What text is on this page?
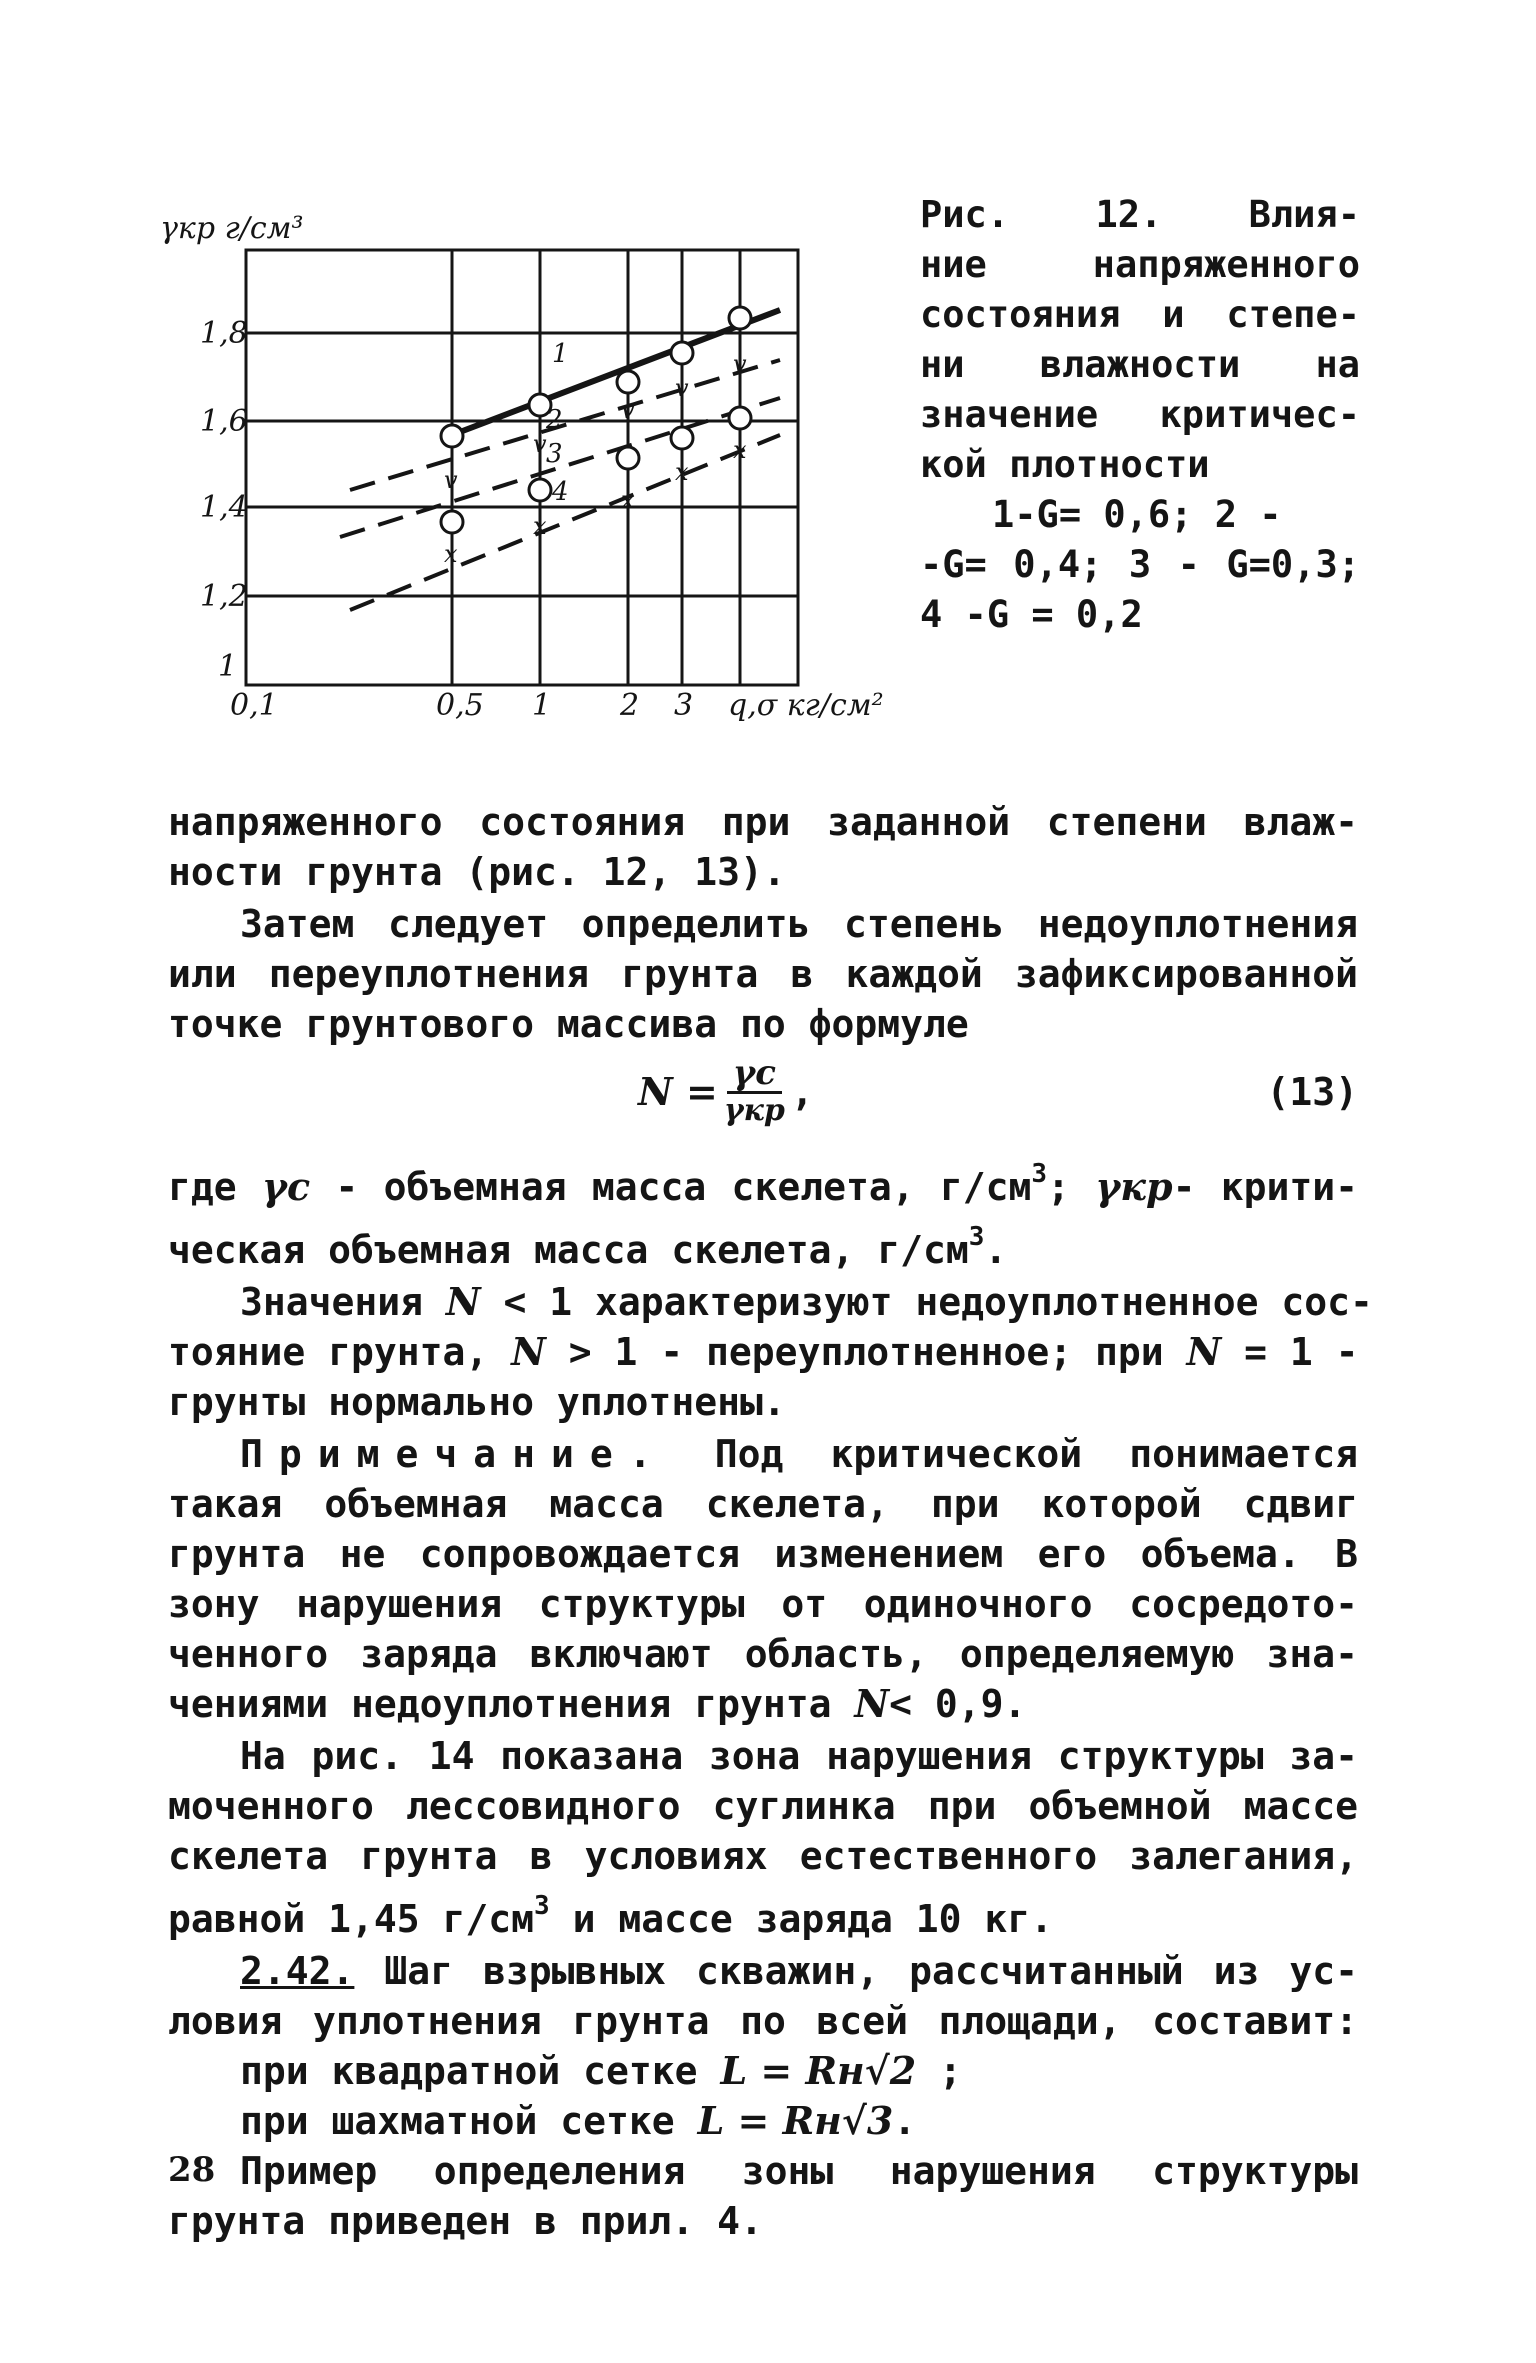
v
v
v
v
v
x
x
x
x
x
γкр г/см³
q,σ кг/см²
1,8
1,6
1,4
1,2
1
0,1	0,5 1 2 3
1
2
3
4
Рис. 12. Влия-
ние напряженного
состояния и степе-
ни влажности на
значение критичес-
кой плотности
1-G= 0,6; 2 -
-G= 0,4; 3 - G=0,3;
4 -G = 0,2
напряженного состояния при заданной степени влаж-
ности грунта (рис. 12, 13).
Затем следует определить степень недоуплотнения
или переуплотнения грунта в каждой зафиксированной
точке грунтового массива по формуле
$N = \frac{\gamma с}{\text{γкр}}$ ,	(13)
где γс - объемная масса скелета, $г/см^3$; γкр- крити-
ческая объемная масса скелета, $г/см^3$.
Значения N < 1 характеризуют недоуплотненное сос-
тояние грунта, N > 1 - переуплотненное; при N = 1 -
грунты нормально уплотнены.
Примечание. Под критической понимается
такая объемная масса скелета, при которой сдвиг
грунта не сопровождается изменением его объема. В
зону нарушения структуры от одиночного сосредото-
ченного заряда включают область, определяемую зна-
чениями недоуплотнения грунта N< 0,9.
На рис. 14 показана зона нарушения структуры за-
моченного лессовидного суглинка при объемной массе
скелета грунта в условиях естественного залегания,
равной 1,45 $г/см^3$ и массе заряда 10 кг.
2.42. Шаг взрывных скважин, рассчитанный из ус-
ловия уплотнения грунта по всей площади, составит:
при квадратной сетке L = Rн√2 ;
при шахматной сетке L = Rн√3.
Пример определения зоны нарушения структуры
грунта приведен в прил. 4.
28
